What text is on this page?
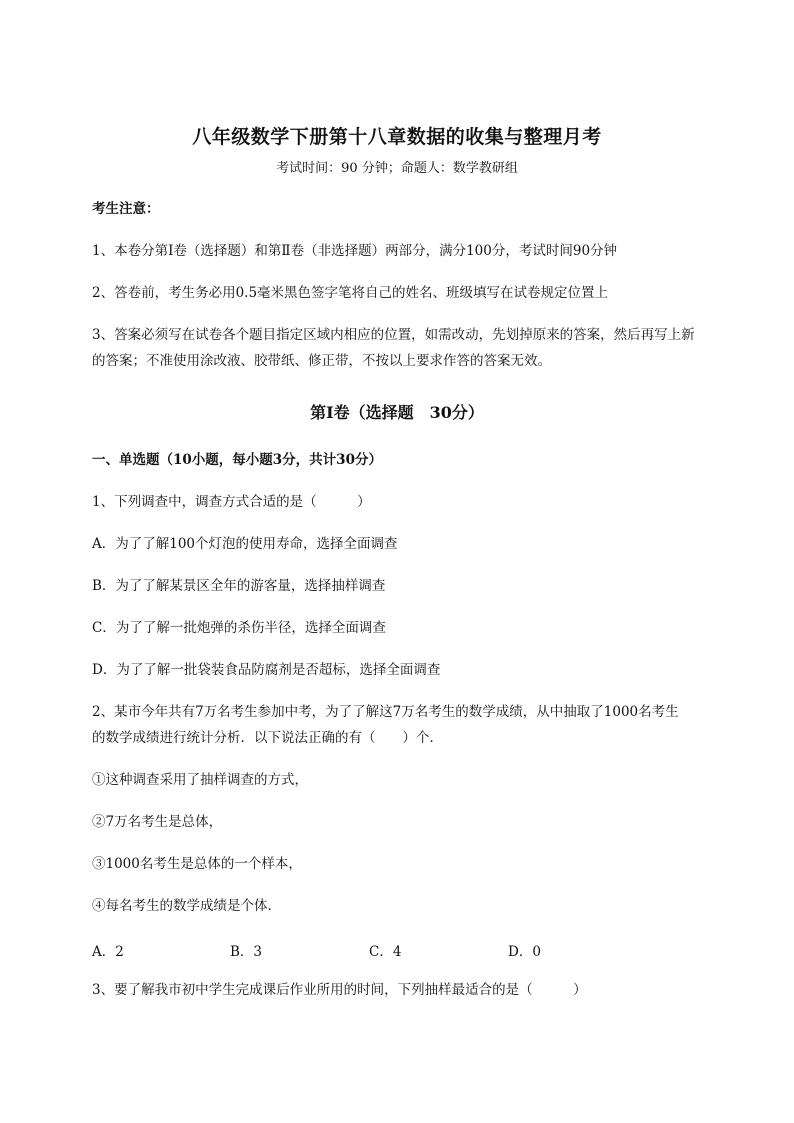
八年级数学下册第十八章数据的收集与整理月考
考试时间：90 分钟；命题人：数学教研组
考生注意：
1、本卷分第I卷（选择题）和第Ⅱ卷（非选择题）两部分，满分100分，考试时间90分钟
2、答卷前，考生务必用0.5毫米黑色签字笔将自己的姓名、班级填写在试卷规定位置上
3、答案必须写在试卷各个题目指定区域内相应的位置，如需改动，先划掉原来的答案，然后再写上新
的答案；不准使用涂改液、胶带纸、修正带，不按以上要求作答的答案无效。
第I卷（选择题　30分）
一、单选题（10小题，每小题3分，共计30分）
1、下列调查中，调查方式合适的是（　　　）
A．为了了解100个灯泡的使用寿命，选择全面调查
B．为了了解某景区全年的游客量，选择抽样调查
C．为了了解一批炮弹的杀伤半径，选择全面调查
D．为了了解一批袋装食品防腐剂是否超标，选择全面调查
2、某市今年共有7万名考生参加中考，为了了解这7万名考生的数学成绩，从中抽取了1000名考生
的数学成绩进行统计分析．以下说法正确的有（　　）个．
①这种调查采用了抽样调查的方式，
②7万名考生是总体，
③1000名考生是总体的一个样本，
④每名考生的数学成绩是个体．
A．2	B．3	C．4	D．0
3、要了解我市初中学生完成课后作业所用的时间，下列抽样最适合的是（　　　）
